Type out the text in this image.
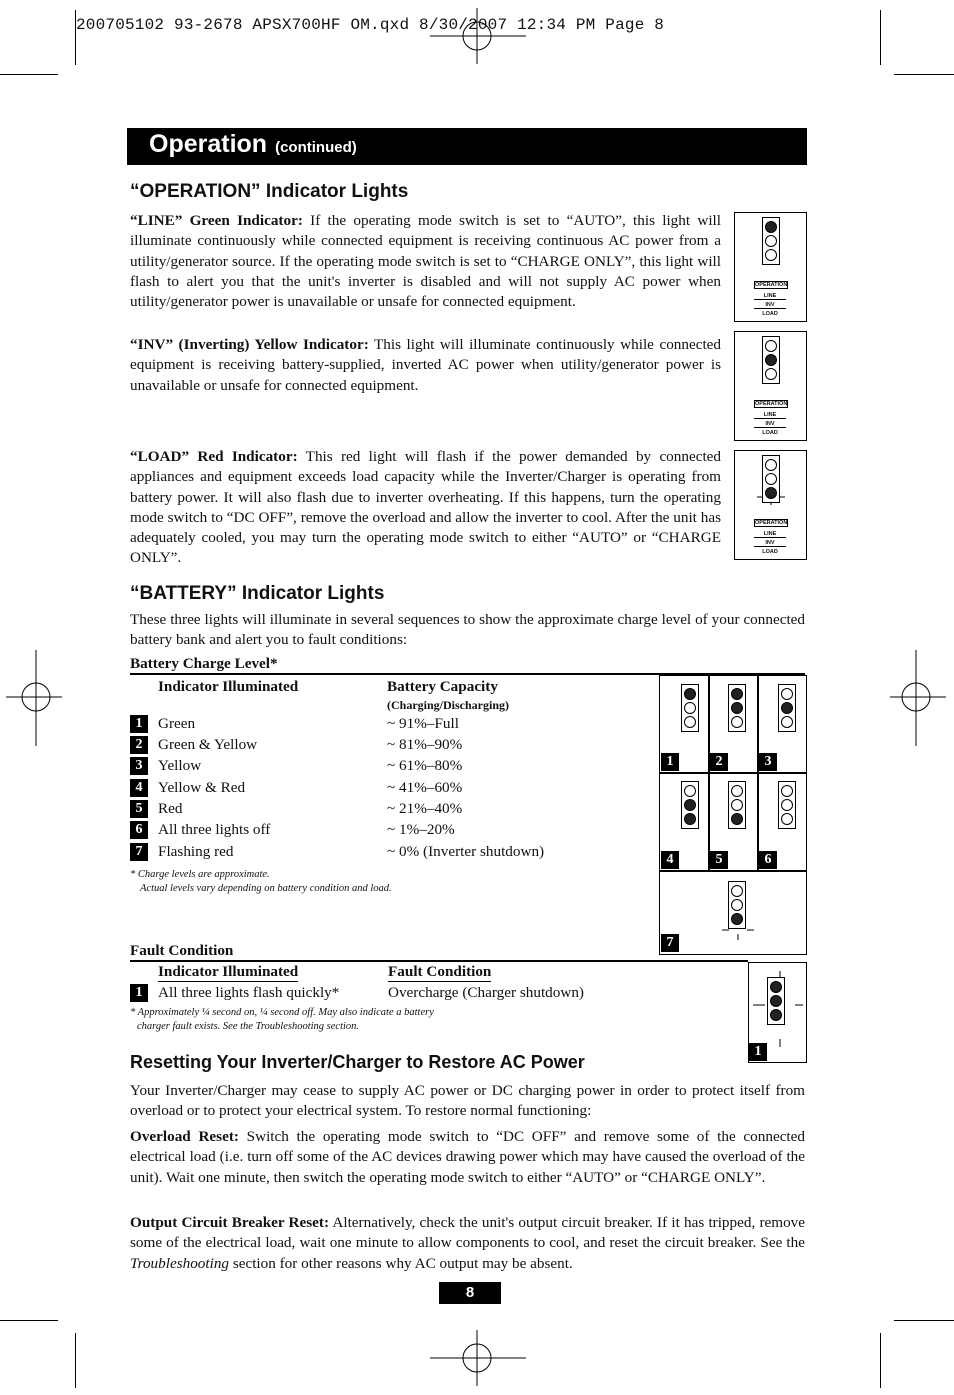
200705102 93-2678 APSX700HF OM.qxd 8/30/2007 12:34 PM Page 8
Operation (continued)
“OPERATION” Indicator Lights

“LINE” Green Indicator: If the operating mode switch is set to “AUTO”, this light will illuminate continuously while connected equipment is receiving continuous AC power from a utility/generator source. If the operating mode switch is set to “CHARGE ONLY”, this light will flash to alert you that the unit's inverter is disabled and will not supply AC power when utility/generator power is unavailable or unsafe for connected equipment.

“INV” (Inverting) Yellow Indicator: This light will illuminate continuously while connected equipment is receiving battery-supplied, inverted AC power when utility/generator power is unavailable or unsafe for connected equipment.

“LOAD” Red Indicator: This red light will flash if the power demanded by connected appliances and equipment exceeds load capacity while the Inverter/Charger is operating from battery power. It will also flash due to inverter overheating. If this happens, turn the operating mode switch to “DC OFF”, remove the overload and allow the inverter to cool. After the unit has adequately cooled, you may turn the operating mode switch to either “AUTO” or “CHARGE ONLY”.

OPERATION
LINE
INV
LOAD
OPERATION
LINE
INV
LOAD
OPERATION
LINE
INV
LOAD
“BATTERY” Indicator Lights

These three lights will illuminate in several sequences to show the approximate charge level of your connected battery bank and alert you to fault conditions:

Battery Charge Level*
Indicator Illuminated	Battery Capacity
(Charging/Discharging)
1	Green	~ 91%–Full
2	Green & Yellow	~ 81%–90%
3	Yellow	~ 61%–80%
4	Yellow & Red	~ 41%–60%
5	Red	~ 21%–40%
6	All three lights off	~ 1%–20%
7	Flashing red	~ 0% (Inverter shutdown)
* Charge levels are approximate.
Actual levels vary depending on battery condition and load.
1	2	3
4	5	6
7
Fault Condition
Indicator Illuminated	Fault Condition
1	All three lights flash quickly*	Overcharge (Charger shutdown)
* Approximately ¼ second on, ¼ second off. May also indicate a battery
charger fault exists. See the Troubleshooting section.
1
Resetting Your Inverter/Charger to Restore AC Power

Your Inverter/Charger may cease to supply AC power or DC charging power in order to protect itself from overload or to protect your electrical system. To restore normal functioning:

Overload Reset: Switch the operating mode switch to “DC OFF” and remove some of the connected electrical load (i.e. turn off some of the AC devices drawing power which may have caused the overload of the unit). Wait one minute, then switch the operating mode switch to either “AUTO” or “CHARGE ONLY”.

Output Circuit Breaker Reset: Alternatively, check the unit's output circuit breaker. If it has tripped, remove some of the electrical load, wait one minute to allow components to cool, and reset the circuit breaker. See the Troubleshooting section for other reasons why AC output may be absent.

8
